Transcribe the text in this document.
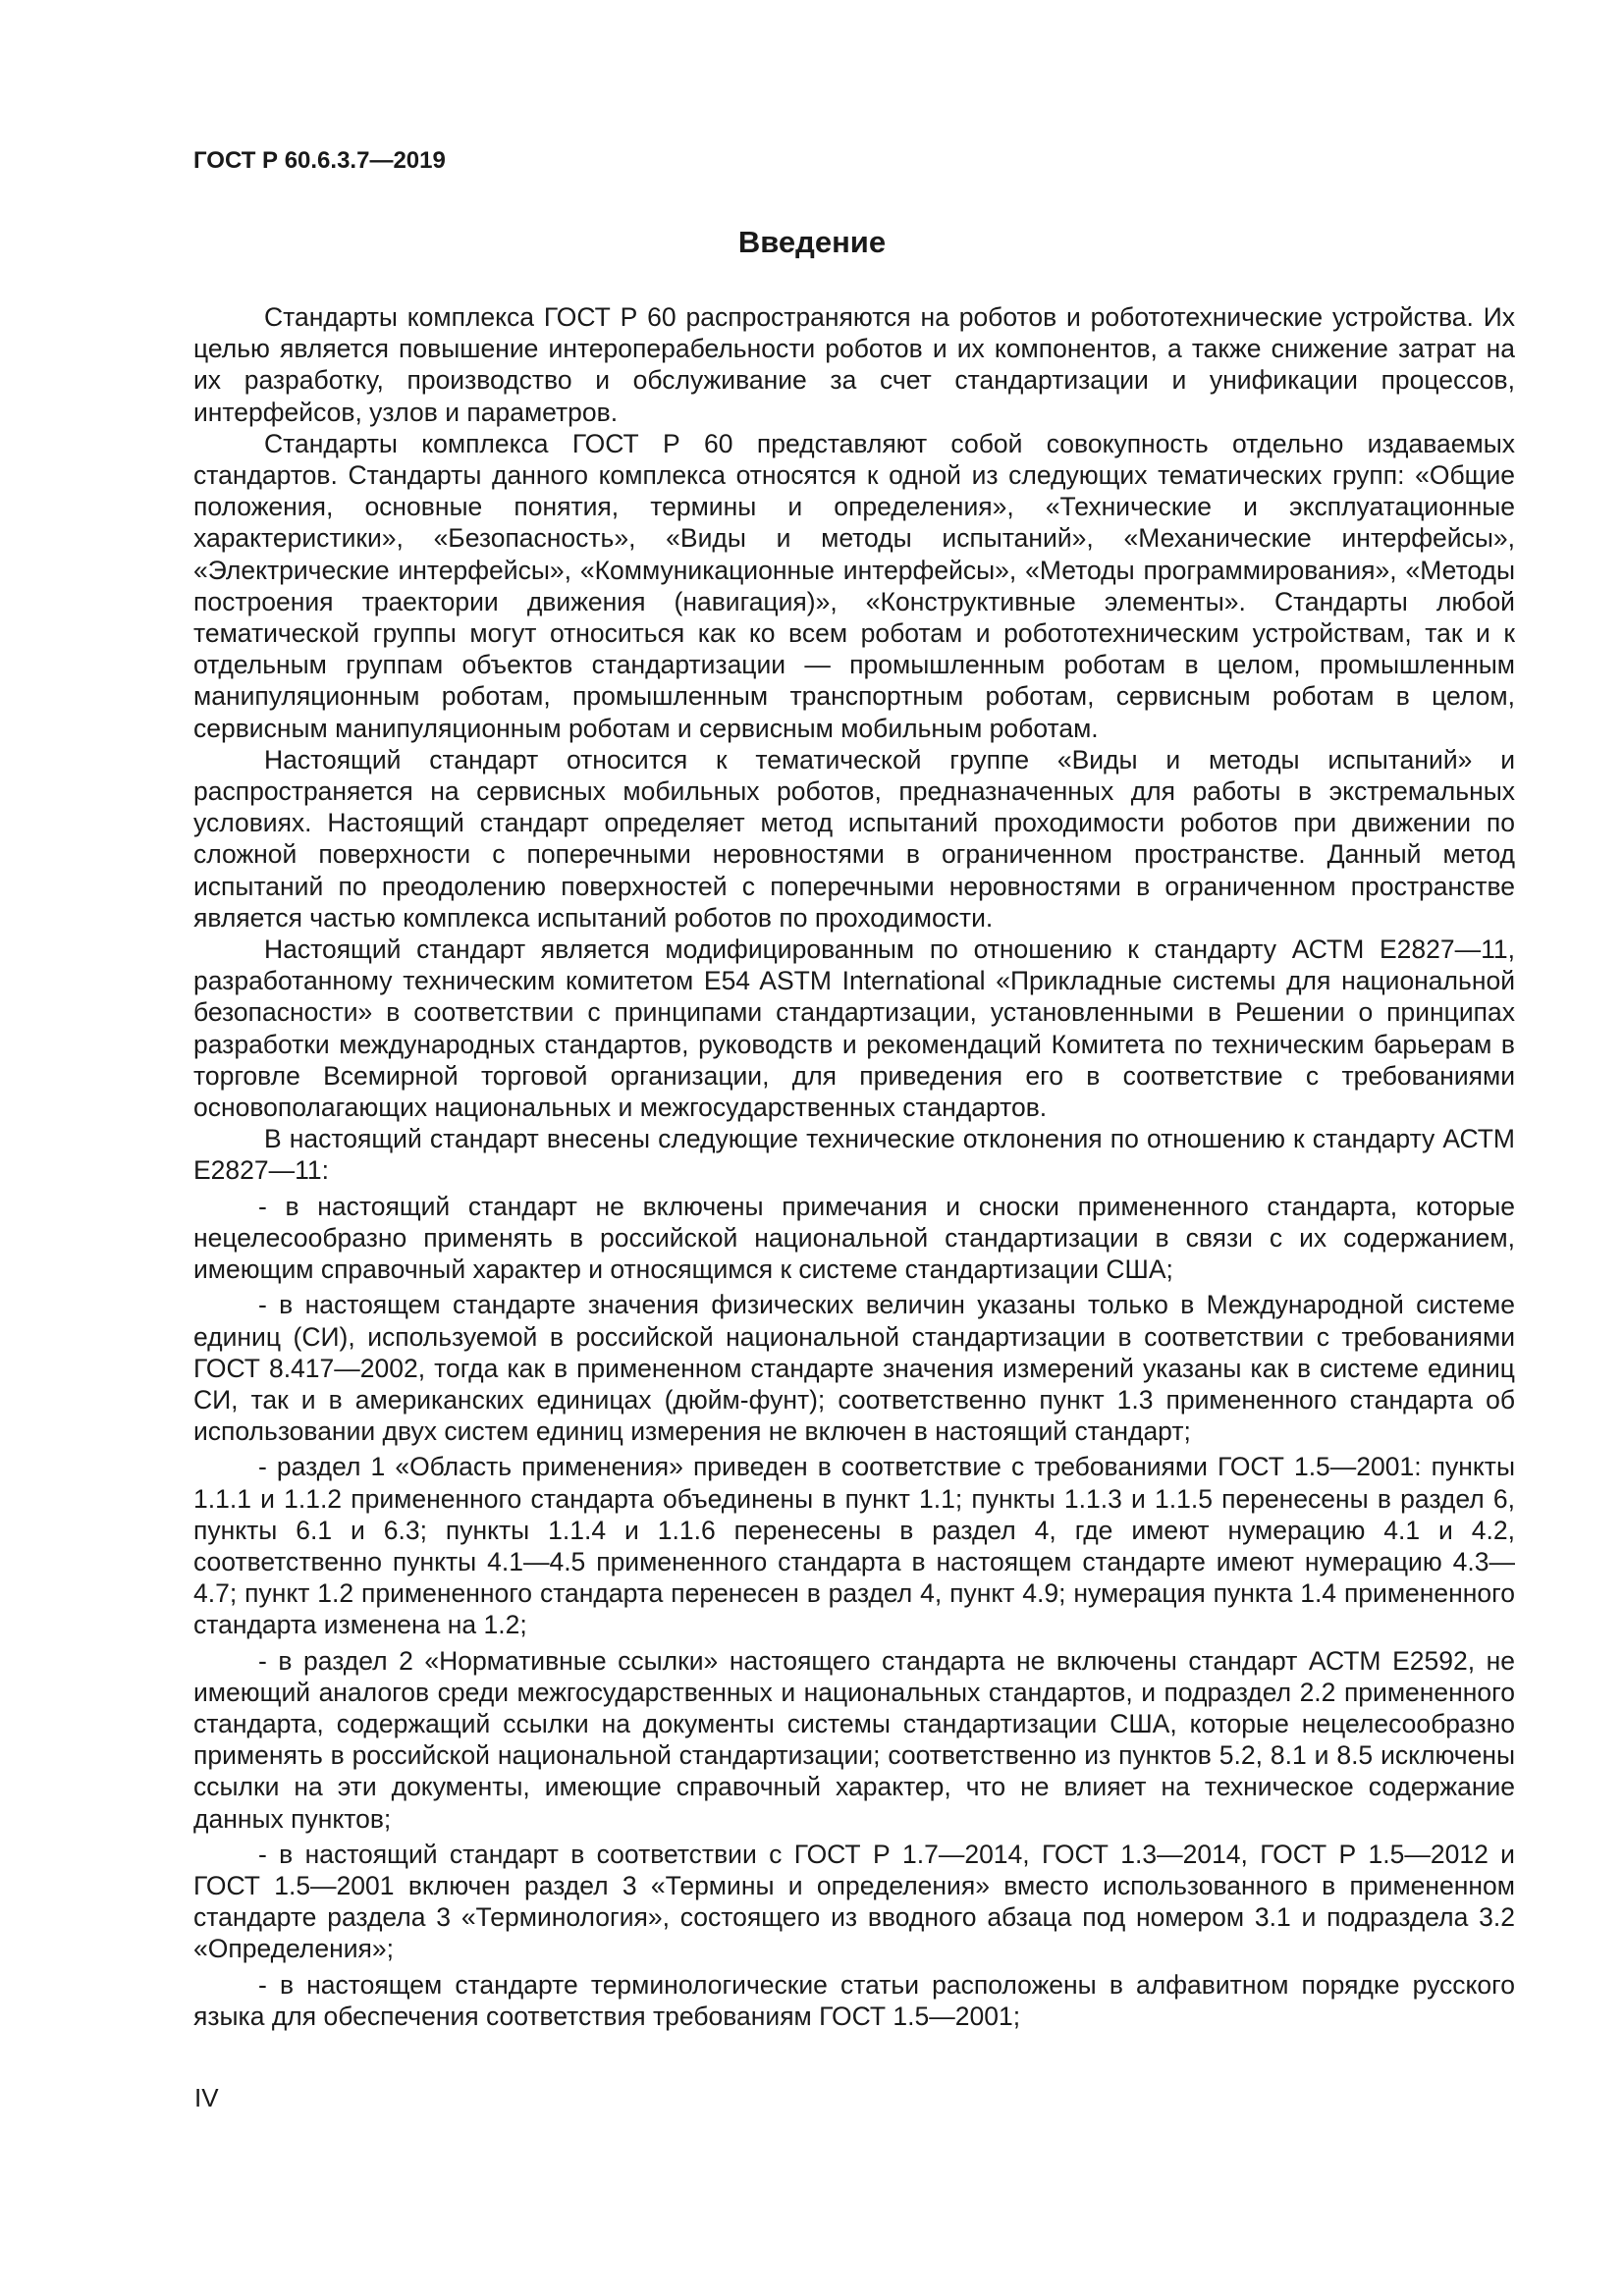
ГОСТ Р 60.6.3.7—2019
Введение

Стандарты комплекса ГОСТ Р 60 распространяются на роботов и робототехнические устройства. Их целью является повышение интероперабельности роботов и их компонентов, а также снижение затрат на их разработку, производство и обслуживание за счет стандартизации и унификации процессов, интерфейсов, узлов и параметров.

Стандарты комплекса ГОСТ Р 60 представляют собой совокупность отдельно издаваемых стандартов. Стандарты данного комплекса относятся к одной из следующих тематических групп: «Общие положения, основные понятия, термины и определения», «Технические и эксплуатационные характеристики», «Безопасность», «Виды и методы испытаний», «Механические интерфейсы», «Электрические интерфейсы», «Коммуникационные интерфейсы», «Методы программирования», «Методы построения траектории движения (навигация)», «Конструктивные элементы». Стандарты любой тематической группы могут относиться как ко всем роботам и робототехническим устройствам, так и к отдельным группам объектов стандартизации — промышленным роботам в целом, промышленным манипуляционным роботам, промышленным транспортным роботам, сервисным роботам в целом, сервисным манипуляционным роботам и сервисным мобильным роботам.

Настоящий стандарт относится к тематической группе «Виды и методы испытаний» и распространяется на сервисных мобильных роботов, предназначенных для работы в экстремальных условиях. Настоящий стандарт определяет метод испытаний проходимости роботов при движении по сложной поверхности с поперечными неровностями в ограниченном пространстве. Данный метод испытаний по преодолению поверхностей с поперечными неровностями в ограниченном пространстве является частью комплекса испытаний роботов по проходимости.

Настоящий стандарт является модифицированным по отношению к стандарту АСТМ Е2827—11, разработанному техническим комитетом E54 ASTM International «Прикладные системы для национальной безопасности» в соответствии с принципами стандартизации, установленными в Решении о принципах разработки международных стандартов, руководств и рекомендаций Комитета по техническим барьерам в торговле Всемирной торговой организации, для приведения его в соответствие с требованиями основополагающих национальных и межгосударственных стандартов.

В настоящий стандарт внесены следующие технические отклонения по отношению к стандарту АСТМ Е2827—11:

- в настоящий стандарт не включены примечания и сноски примененного стандарта, которые нецелесообразно применять в российской национальной стандартизации в связи с их содержанием, имеющим справочный характер и относящимся к системе стандартизации США;

- в настоящем стандарте значения физических величин указаны только в Международной системе единиц (СИ), используемой в российской национальной стандартизации в соответствии с требованиями ГОСТ 8.417—2002, тогда как в примененном стандарте значения измерений указаны как в системе единиц СИ, так и в американских единицах (дюйм-фунт); соответственно пункт 1.3 примененного стандарта об использовании двух систем единиц измерения не включен в настоящий стандарт;

- раздел 1 «Область применения» приведен в соответствие с требованиями ГОСТ 1.5—2001: пункты 1.1.1 и 1.1.2 примененного стандарта объединены в пункт 1.1; пункты 1.1.3 и 1.1.5 перенесены в раздел 6, пункты 6.1 и 6.3; пункты 1.1.4 и 1.1.6 перенесены в раздел 4, где имеют нумерацию 4.1 и 4.2, соответственно пункты 4.1—4.5 примененного стандарта в настоящем стандарте имеют нумерацию 4.3—4.7; пункт 1.2 примененного стандарта перенесен в раздел 4, пункт 4.9; нумерация пункта 1.4 примененного стандарта изменена на 1.2;

- в раздел 2 «Нормативные ссылки» настоящего стандарта не включены стандарт АСТМ Е2592, не имеющий аналогов среди межгосударственных и национальных стандартов, и подраздел 2.2 примененного стандарта, содержащий ссылки на документы системы стандартизации США, которые нецелесообразно применять в российской национальной стандартизации; соответственно из пунктов 5.2, 8.1 и 8.5 исключены ссылки на эти документы, имеющие справочный характер, что не влияет на техническое содержание данных пунктов;

- в настоящий стандарт в соответствии с ГОСТ Р 1.7—2014, ГОСТ 1.3—2014, ГОСТ Р 1.5—2012 и ГОСТ 1.5—2001 включен раздел 3 «Термины и определения» вместо использованного в примененном стандарте раздела 3 «Терминология», состоящего из вводного абзаца под номером 3.1 и подраздела 3.2 «Определения»;

- в настоящем стандарте терминологические статьи расположены в алфавитном порядке русского языка для обеспечения соответствия требованиям ГОСТ 1.5—2001;

IV
